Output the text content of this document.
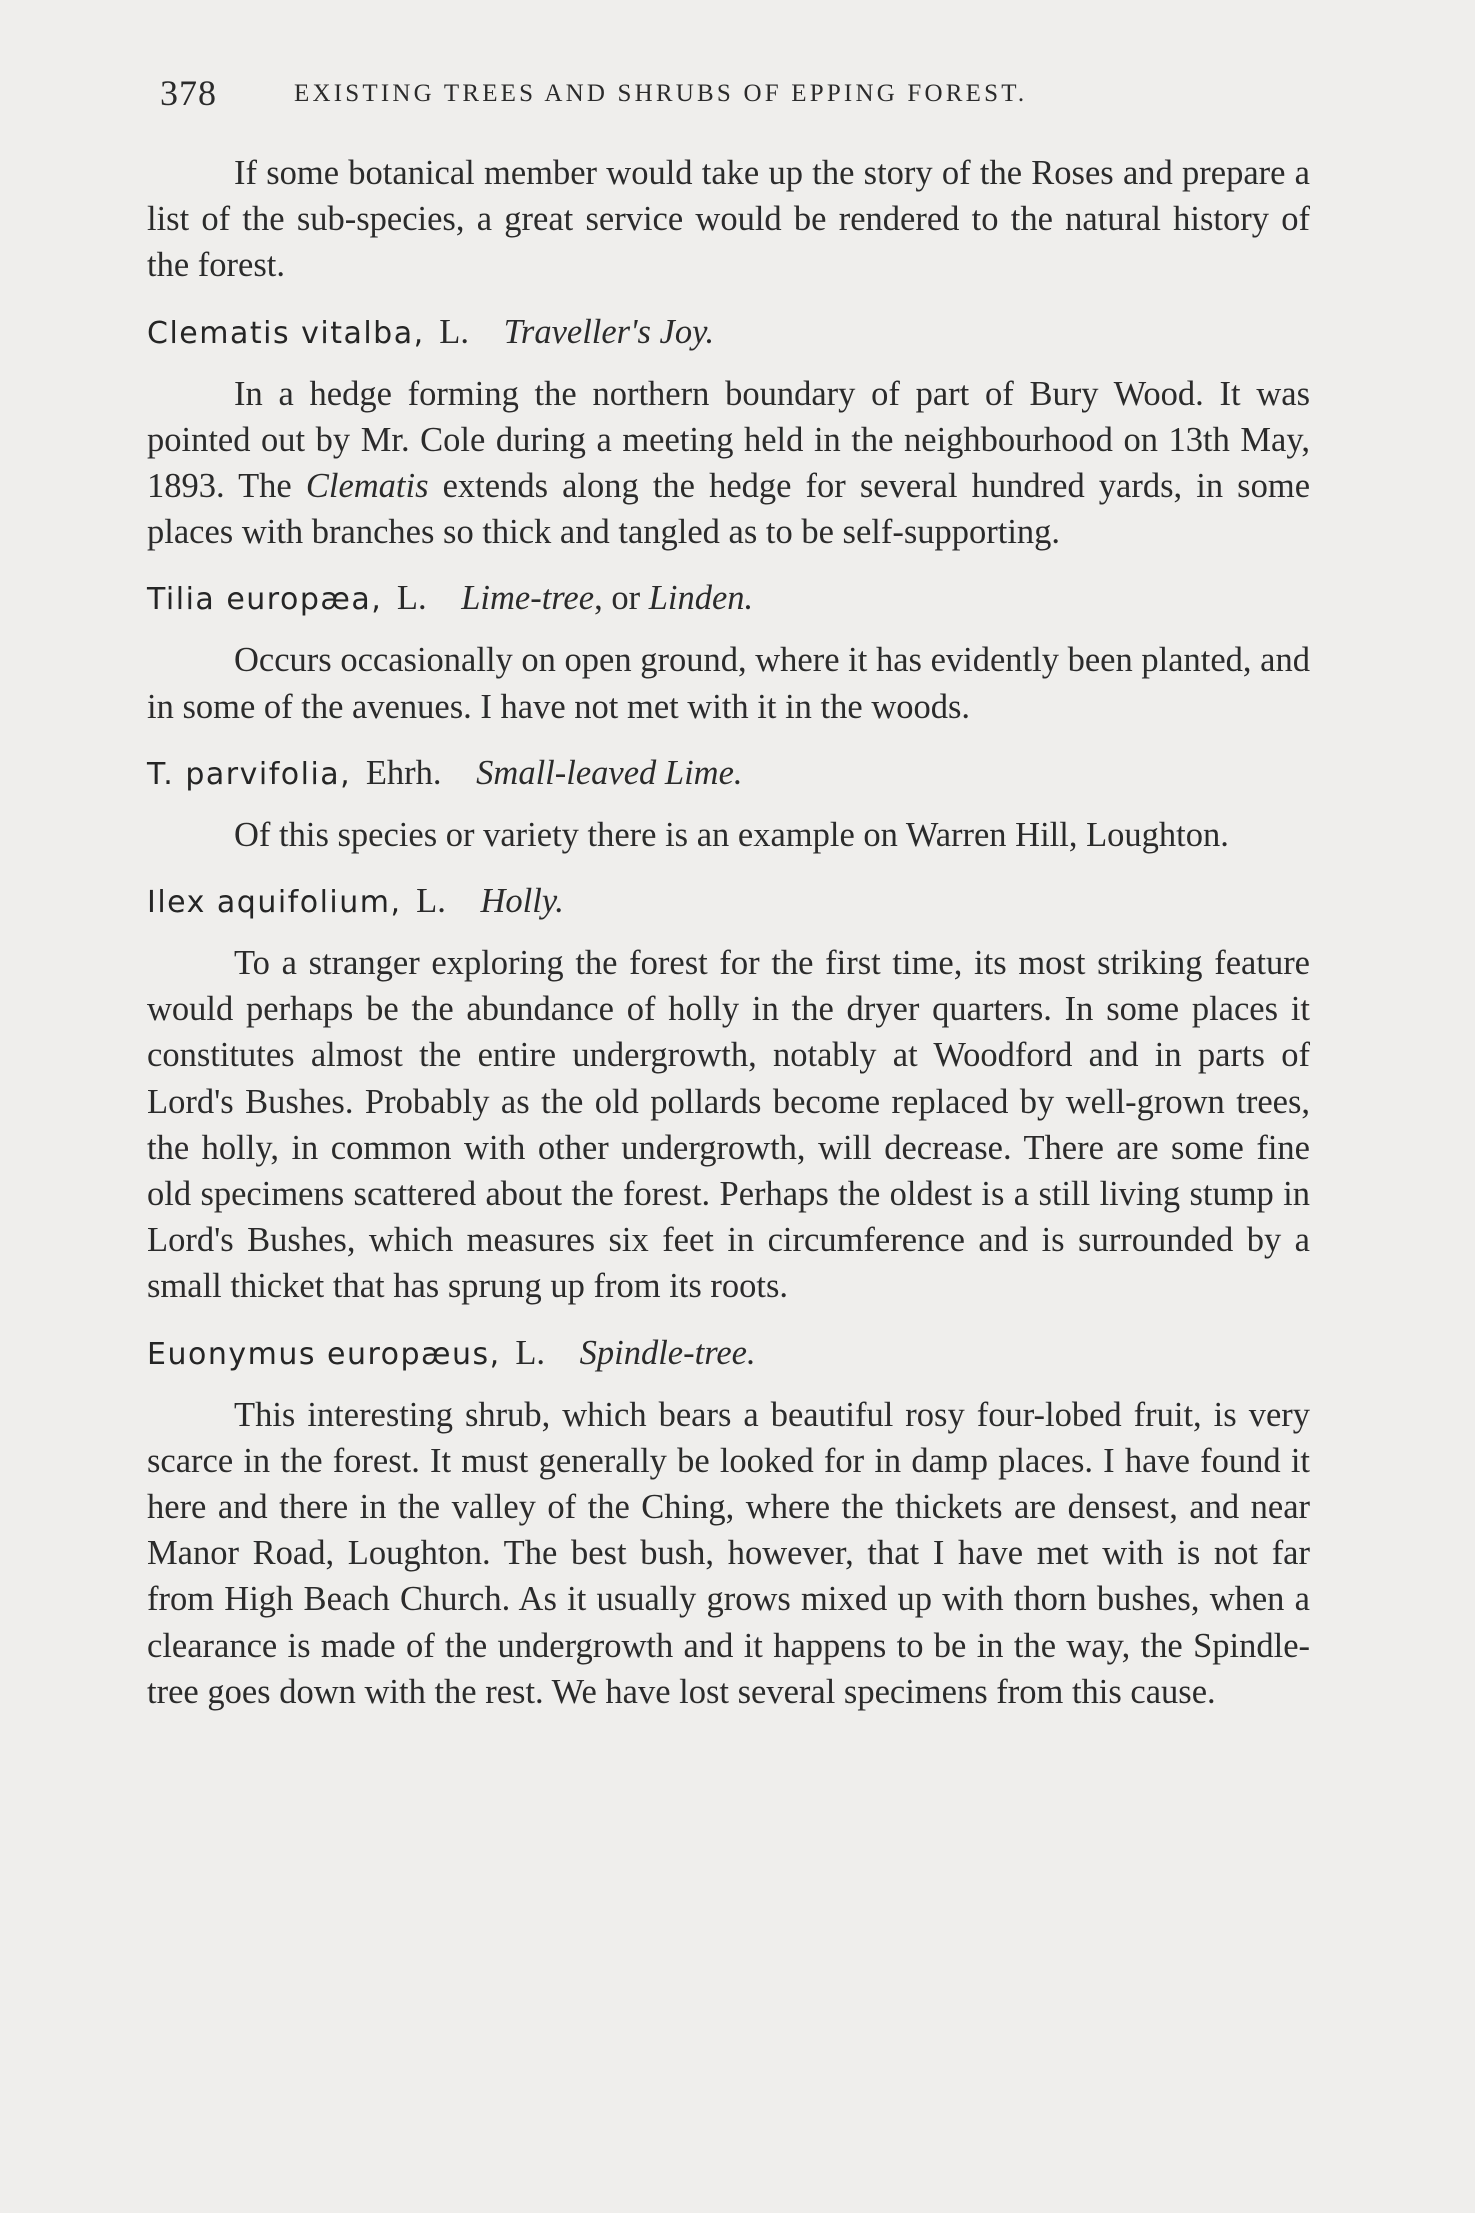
378	EXISTING TREES AND SHRUBS OF EPPING FOREST.

If some botanical member would take up the story of the Roses and prepare a list of the sub-species, a great service would be rendered to the natural history of the forest.

Clematis vitalba, L. Traveller's Joy.

In a hedge forming the northern boundary of part of Bury Wood. It was pointed out by Mr. Cole during a meeting held in the neighbourhood on 13th May, 1893. The Clematis extends along the hedge for several hundred yards, in some places with branches so thick and tangled as to be self-supporting.

Tilia europæa, L. Lime-tree, or Linden.

Occurs occasionally on open ground, where it has evidently been planted, and in some of the avenues. I have not met with it in the woods.

T. parvifolia, Ehrh. Small-leaved Lime.

Of this species or variety there is an example on Warren Hill, Loughton.

Ilex aquifolium, L. Holly.

To a stranger exploring the forest for the first time, its most striking feature would perhaps be the abundance of holly in the dryer quarters. In some places it constitutes almost the entire undergrowth, notably at Woodford and in parts of Lord's Bushes. Probably as the old pollards become replaced by well-grown trees, the holly, in common with other undergrowth, will decrease. There are some fine old specimens scattered about the forest. Perhaps the oldest is a still living stump in Lord's Bushes, which measures six feet in circumference and is surrounded by a small thicket that has sprung up from its roots.

Euonymus europæus, L. Spindle-tree.

This interesting shrub, which bears a beautiful rosy four-lobed fruit, is very scarce in the forest. It must generally be looked for in damp places. I have found it here and there in the valley of the Ching, where the thickets are densest, and near Manor Road, Loughton. The best bush, however, that I have met with is not far from High Beach Church. As it usually grows mixed up with thorn bushes, when a clearance is made of the undergrowth and it happens to be in the way, the Spindle-tree goes down with the rest. We have lost several specimens from this cause.
